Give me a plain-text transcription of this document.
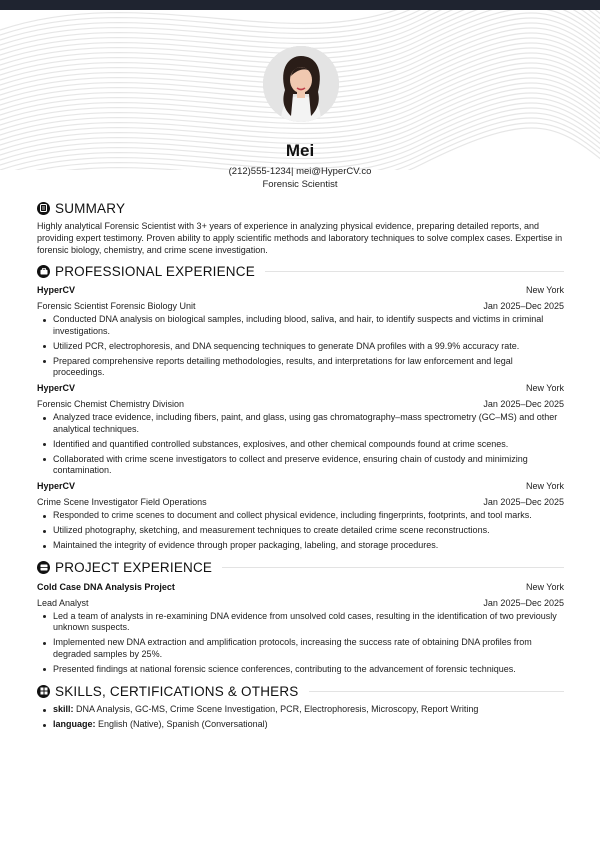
Mei
(212)555-1234| mei@HyperCV.co
Forensic Scientist
SUMMARY

Highly analytical Forensic Scientist with 3+ years of experience in analyzing physical evidence, preparing detailed reports, and providing expert testimony. Proven ability to apply scientific methods and laboratory techniques to solve complex cases. Expertise in forensic biology, chemistry, and crime scene investigation.

PROFESSIONAL EXPERIENCE
HyperCV	New York
Forensic Scientist Forensic Biology Unit	Jan 2025–Dec 2025
Conducted DNA analysis on biological samples, including blood, saliva, and hair, to identify suspects and victims in criminal investigations.
Utilized PCR, electrophoresis, and DNA sequencing techniques to generate DNA profiles with a 99.9% accuracy rate.
Prepared comprehensive reports detailing methodologies, results, and interpretations for law enforcement and legal proceedings.
HyperCV	New York
Forensic Chemist Chemistry Division	Jan 2025–Dec 2025
Analyzed trace evidence, including fibers, paint, and glass, using gas chromatography–mass spectrometry (GC–MS) and other analytical techniques.
Identified and quantified controlled substances, explosives, and other chemical compounds found at crime scenes.
Collaborated with crime scene investigators to collect and preserve evidence, ensuring chain of custody and minimizing contamination.
HyperCV	New York
Crime Scene Investigator Field Operations	Jan 2025–Dec 2025
Responded to crime scenes to document and collect physical evidence, including fingerprints, footprints, and tool marks.
Utilized photography, sketching, and measurement techniques to create detailed crime scene reconstructions.
Maintained the integrity of evidence through proper packaging, labeling, and storage procedures.
PROJECT EXPERIENCE
Cold Case DNA Analysis Project	New York
Lead Analyst	Jan 2025–Dec 2025
Led a team of analysts in re-examining DNA evidence from unsolved cold cases, resulting in the identification of two previously unknown suspects.
Implemented new DNA extraction and amplification protocols, increasing the success rate of obtaining DNA profiles from degraded samples by 25%.
Presented findings at national forensic science conferences, contributing to the advancement of forensic techniques.
SKILLS, CERTIFICATIONS & OTHERS
skill: DNA Analysis, GC-MS, Crime Scene Investigation, PCR, Electrophoresis, Microscopy, Report Writing
language: English (Native), Spanish (Conversational)
